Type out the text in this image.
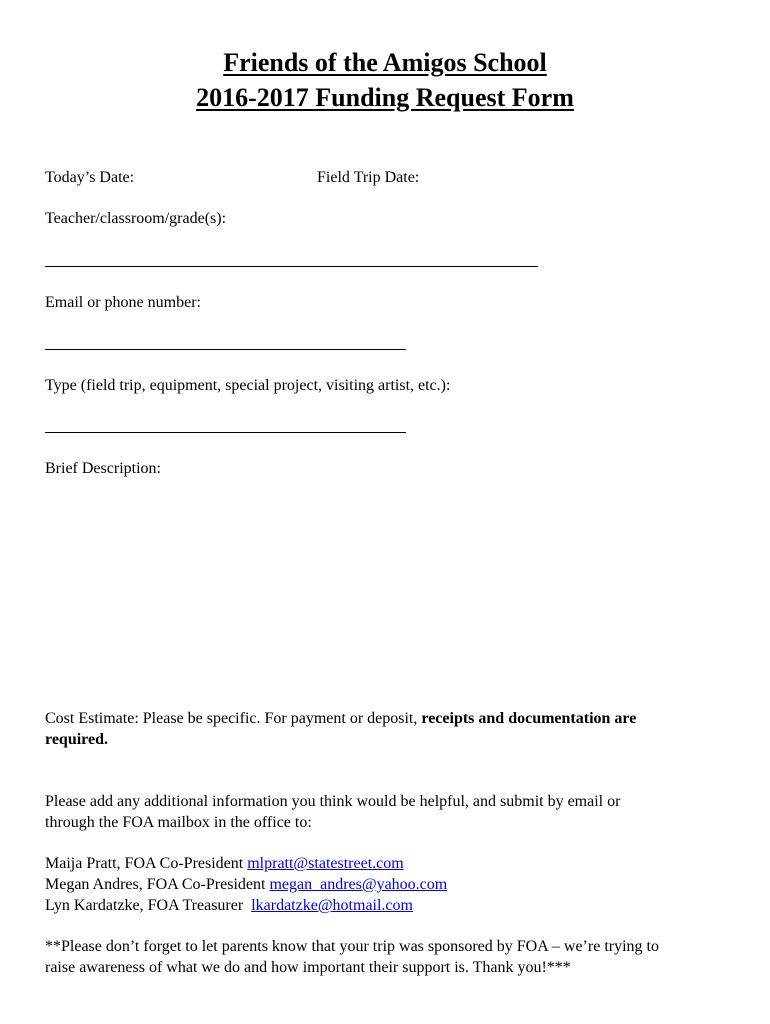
Friends of the Amigos School
2016-2017 Funding Request Form
Today’s Date:	Field Trip Date:
Teacher/classroom/grade(s):
Email or phone number:
Type (field trip, equipment, special project, visiting artist, etc.):
Brief Description:
Cost Estimate: Please be specific. For payment or deposit, receipts and documentation are
required.
Please add any additional information you think would be helpful, and submit by email or
through the FOA mailbox in the office to:
Maija Pratt, FOA Co-President mlpratt@statestreet.com
Megan Andres, FOA Co-President megan_andres@yahoo.com
Lyn Kardatzke, FOA Treasurer  lkardatzke@hotmail.com
**Please don’t forget to let parents know that your trip was sponsored by FOA – we’re trying to
raise awareness of what we do and how important their support is. Thank you!***
